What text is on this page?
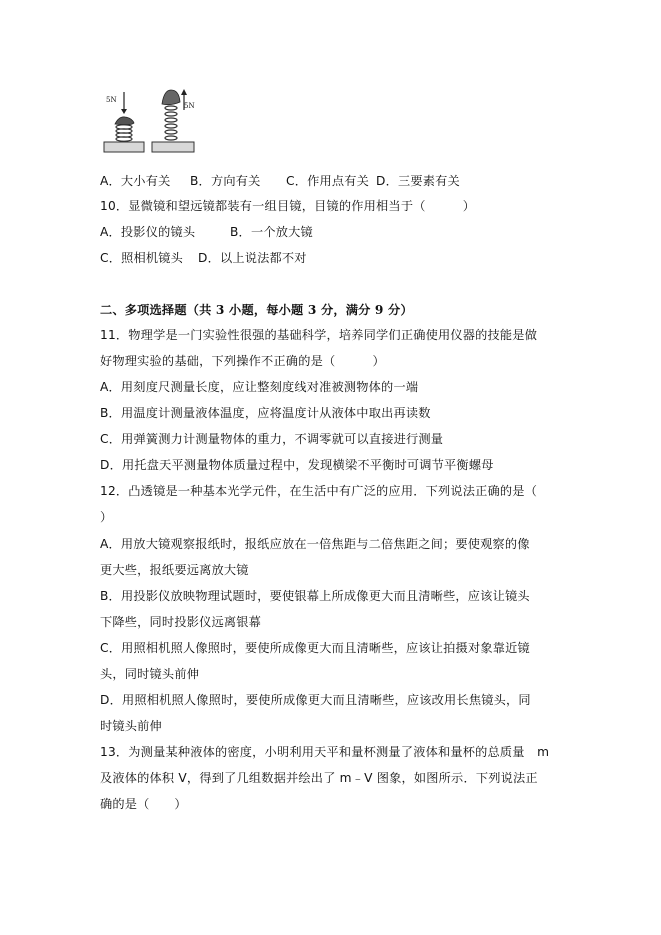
5N
5N
A．大小有关 B．方向有关 C．作用点有关 D．三要素有关
10．显微镜和望远镜都装有一组目镜，目镜的作用相当于（　　　）
A．投影仪的镜头	B．一个放大镜
C．照相机镜头 D．以上说法都不对
二、多项选择题（共 3 小题，每小题 3 分，满分 9 分）
11．物理学是一门实验性很强的基础科学，培养同学们正确使用仪器的技能是做
好物理实验的基础，下列操作不正确的是（　　　）
A．用刻度尺测量长度，应让整刻度线对准被测物体的一端
B．用温度计测量液体温度，应将温度计从液体中取出再读数
C．用弹簧测力计测量物体的重力，不调零就可以直接进行测量
D．用托盘天平测量物体质量过程中，发现横梁不平衡时可调节平衡螺母
12．凸透镜是一种基本光学元件，在生活中有广泛的应用．下列说法正确的是（
）
A．用放大镜观察报纸时，报纸应放在一倍焦距与二倍焦距之间；要使观察的像
更大些，报纸要远离放大镜
B．用投影仪放映物理试题时，要使银幕上所成像更大而且清晰些，应该让镜头
下降些，同时投影仪远离银幕
C．用照相机照人像照时，要使所成像更大而且清晰些，应该让拍摄对象靠近镜
头，同时镜头前伸
D．用照相机照人像照时，要使所成像更大而且清晰些，应该改用长焦镜头，同
时镜头前伸
13．为测量某种液体的密度，小明利用天平和量杯测量了液体和量杯的总质量　m
及液体的体积 V，得到了几组数据并绘出了 m﹣V 图象，如图所示．下列说法正
确的是（　　）
